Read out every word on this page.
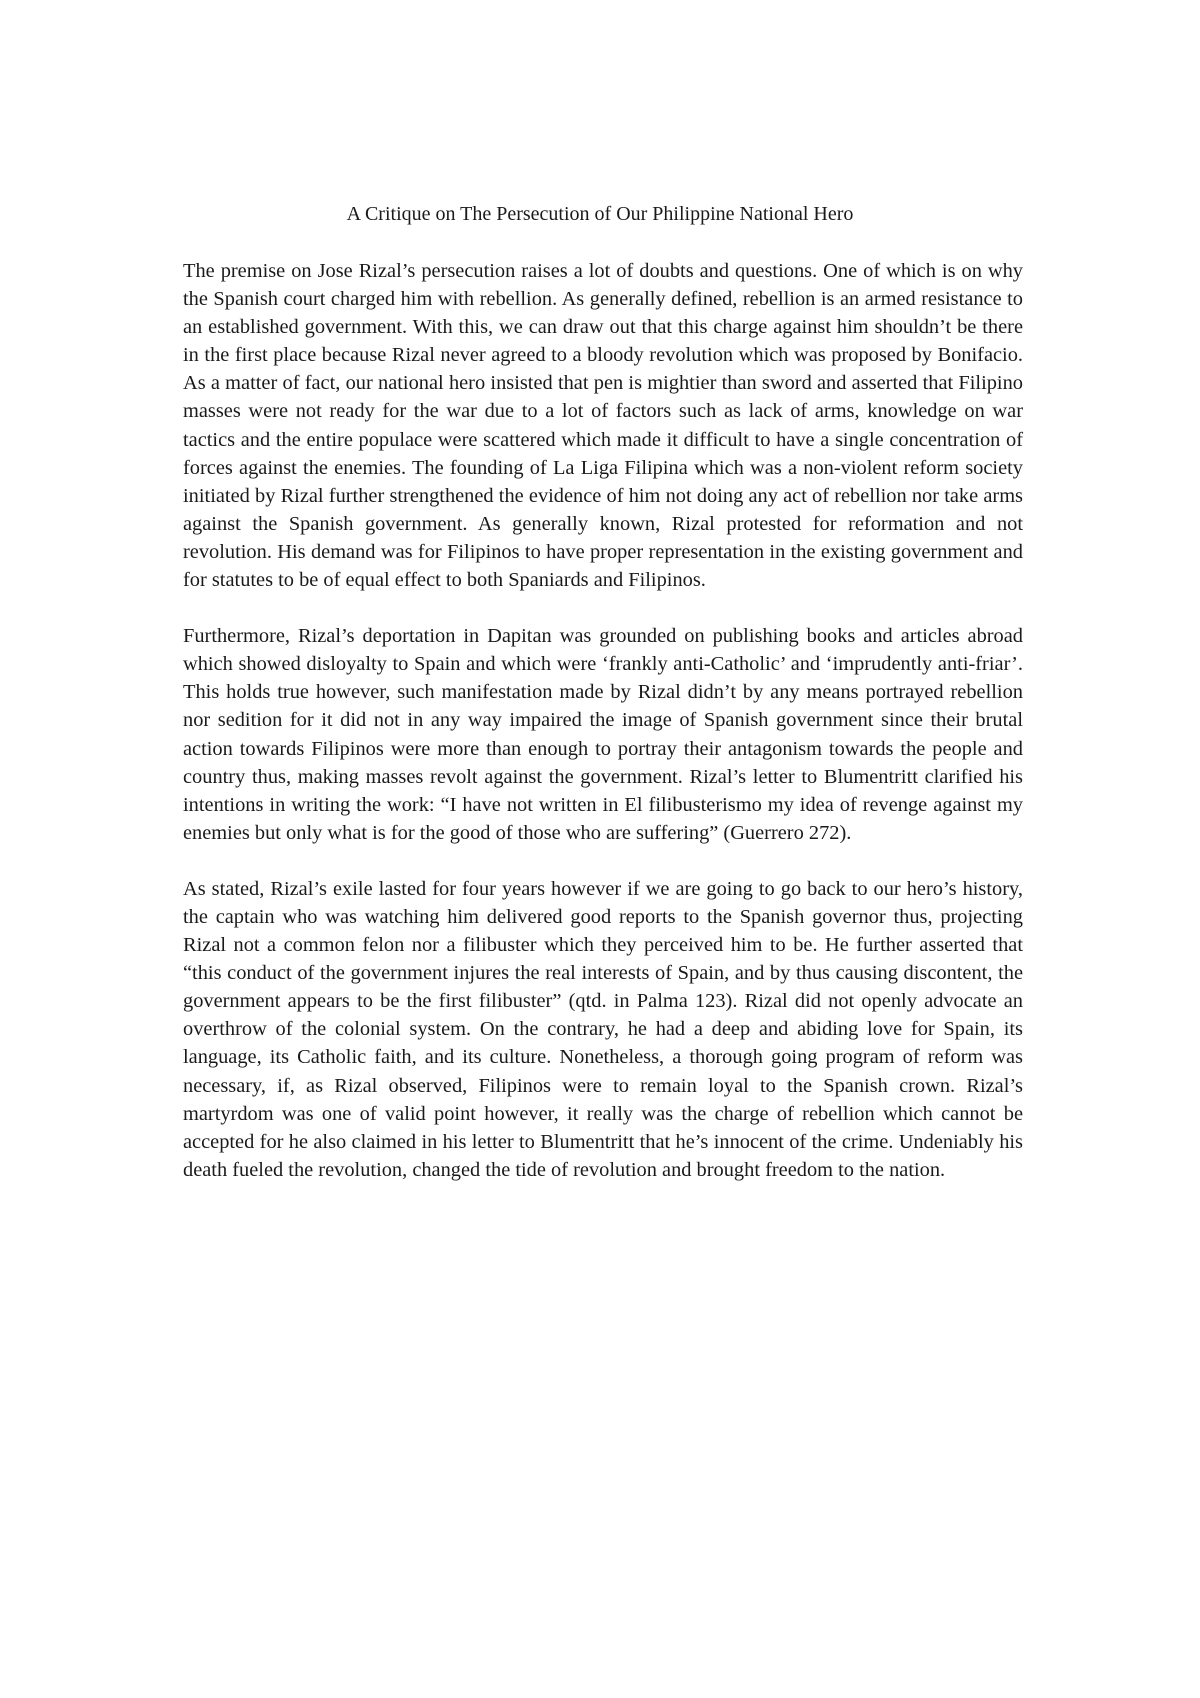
A Critique on The Persecution of Our Philippine National Hero

The premise on Jose Rizal’s persecution raises a lot of doubts and questions. One of which is on why the Spanish court charged him with rebellion. As generally defined, rebellion is an armed resistance to an established government. With this, we can draw out that this charge against him shouldn’t be there in the first place because Rizal never agreed to a bloody revolution which was proposed by Bonifacio. As a matter of fact, our national hero insisted that pen is mightier than sword and asserted that Filipino masses were not ready for the war due to a lot of factors such as lack of arms, knowledge on war tactics and the entire populace were scattered which made it difficult to have a single concentration of forces against the enemies. The founding of La Liga Filipina which was a non-violent reform society initiated by Rizal further strengthened the evidence of him not doing any act of rebellion nor take arms against the Spanish government. As generally known, Rizal protested for reformation and not revolution. His demand was for Filipinos to have proper representation in the existing government and for statutes to be of equal effect to both Spaniards and Filipinos.

Furthermore, Rizal’s deportation in Dapitan was grounded on publishing books and articles abroad which showed disloyalty to Spain and which were ‘frankly anti-Catholic’ and ‘imprudently anti-friar’. This holds true however, such manifestation made by Rizal didn’t by any means portrayed rebellion nor sedition for it did not in any way impaired the image of Spanish government since their brutal action towards Filipinos were more than enough to portray their antagonism towards the people and country thus, making masses revolt against the government. Rizal’s letter to Blumentritt clarified his intentions in writing the work: “I have not written in El filibusterismo my idea of revenge against my enemies but only what is for the good of those who are suffering” (Guerrero 272).

As stated, Rizal’s exile lasted for four years however if we are going to go back to our hero’s history, the captain who was watching him delivered good reports to the Spanish governor thus, projecting Rizal not a common felon nor a filibuster which they perceived him to be. He further asserted that “this conduct of the government injures the real interests of Spain, and by thus causing discontent, the government appears to be the first filibuster” (qtd. in Palma 123). Rizal did not openly advocate an overthrow of the colonial system. On the contrary, he had a deep and abiding love for Spain, its language, its Catholic faith, and its culture. Nonetheless, a thorough going program of reform was necessary, if, as Rizal observed, Filipinos were to remain loyal to the Spanish crown. Rizal’s martyrdom was one of valid point however, it really was the charge of rebellion which cannot be accepted for he also claimed in his letter to Blumentritt that he’s innocent of the crime. Undeniably his death fueled the revolution, changed the tide of revolution and brought freedom to the nation.
